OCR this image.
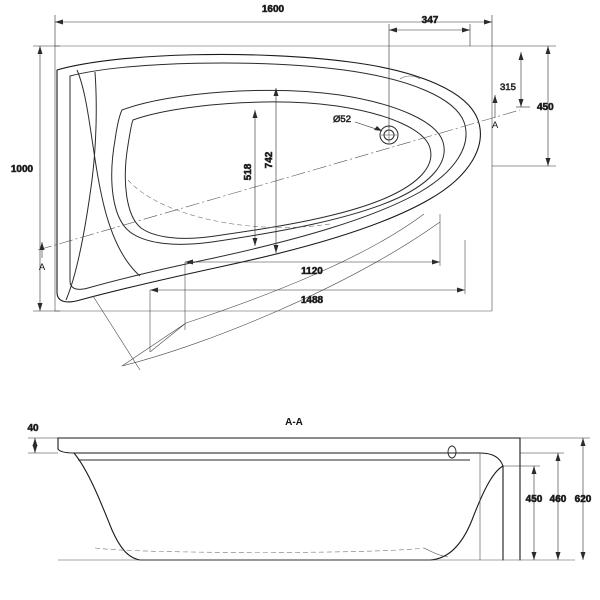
1600
347
1000
450
315
Ø52
742
518
1120
1488
A
A
A-A
40
450 460 620
